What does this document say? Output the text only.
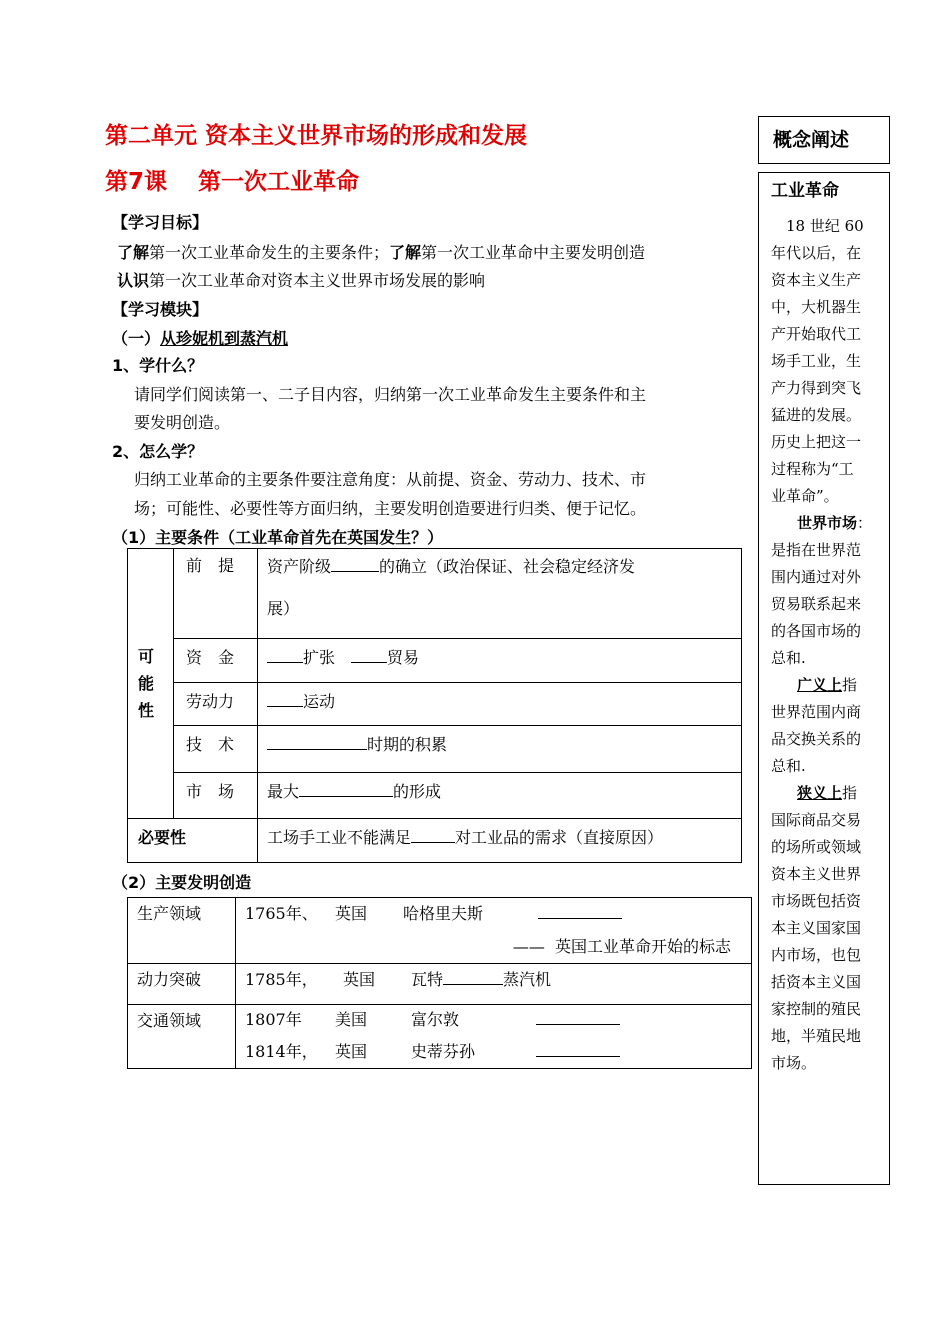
第二单元 资本主义世界市场的形成和发展
第7课　 第一次工业革命
【学习目标】
了解第一次工业革命发生的主要条件；了解第一次工业革命中主要发明创造
认识第一次工业革命对资本主义世界市场发展的影响
【学习模块】
（一）从珍妮机到蒸汽机
1、学什么？
请同学们阅读第一、二子目内容，归纳第一次工业革命发生主要条件和主
要发明创造。
2、怎么学？
归纳工业革命的主要条件要注意角度：从前提、资金、劳动力、技术、市
场；可能性、必要性等方面归纳，主要发明创造要进行归类、便于记忆。
（1）主要条件（工业革命首先在英国发生？）
可能性	前　提	资产阶级 的确立（政治保证、社会稳定经济发
展）

	资　金	扩张　 贸易
	劳动力	运动
	技　术	时期的积累
	市　场	最大 的形成
必要性		工场手工业不能满足 对工业品的需求（直接原因）
（2）主要发明创造
生产领域	1765年、 英国 哈格里夫斯
——  英国工业革命开始的标志

动力突破	1785年， 英国 瓦特 蒸汽机
交通领域	1807年 美国 富尔敦
1814年， 英国 史蒂芬孙
概念阐述
工业革命
　18 世纪 60
年代以后，在
资本主义生产
中，大机器生
产开始取代工
场手工业，生
产力得到突飞
猛进的发展。
历史上把这一
过程称为“工
业革命”。
世界市场：
是指在世界范
围内通过对外
贸易联系起来
的各国市场的
总和.
广义上指
世界范围内商
品交换关系的
总和.
狭义上指
国际商品交易
的场所或领域
资本主义世界
市场既包括资
本主义国家国
内市场，也包
括资本主义国
家控制的殖民
地，半殖民地
市场。
